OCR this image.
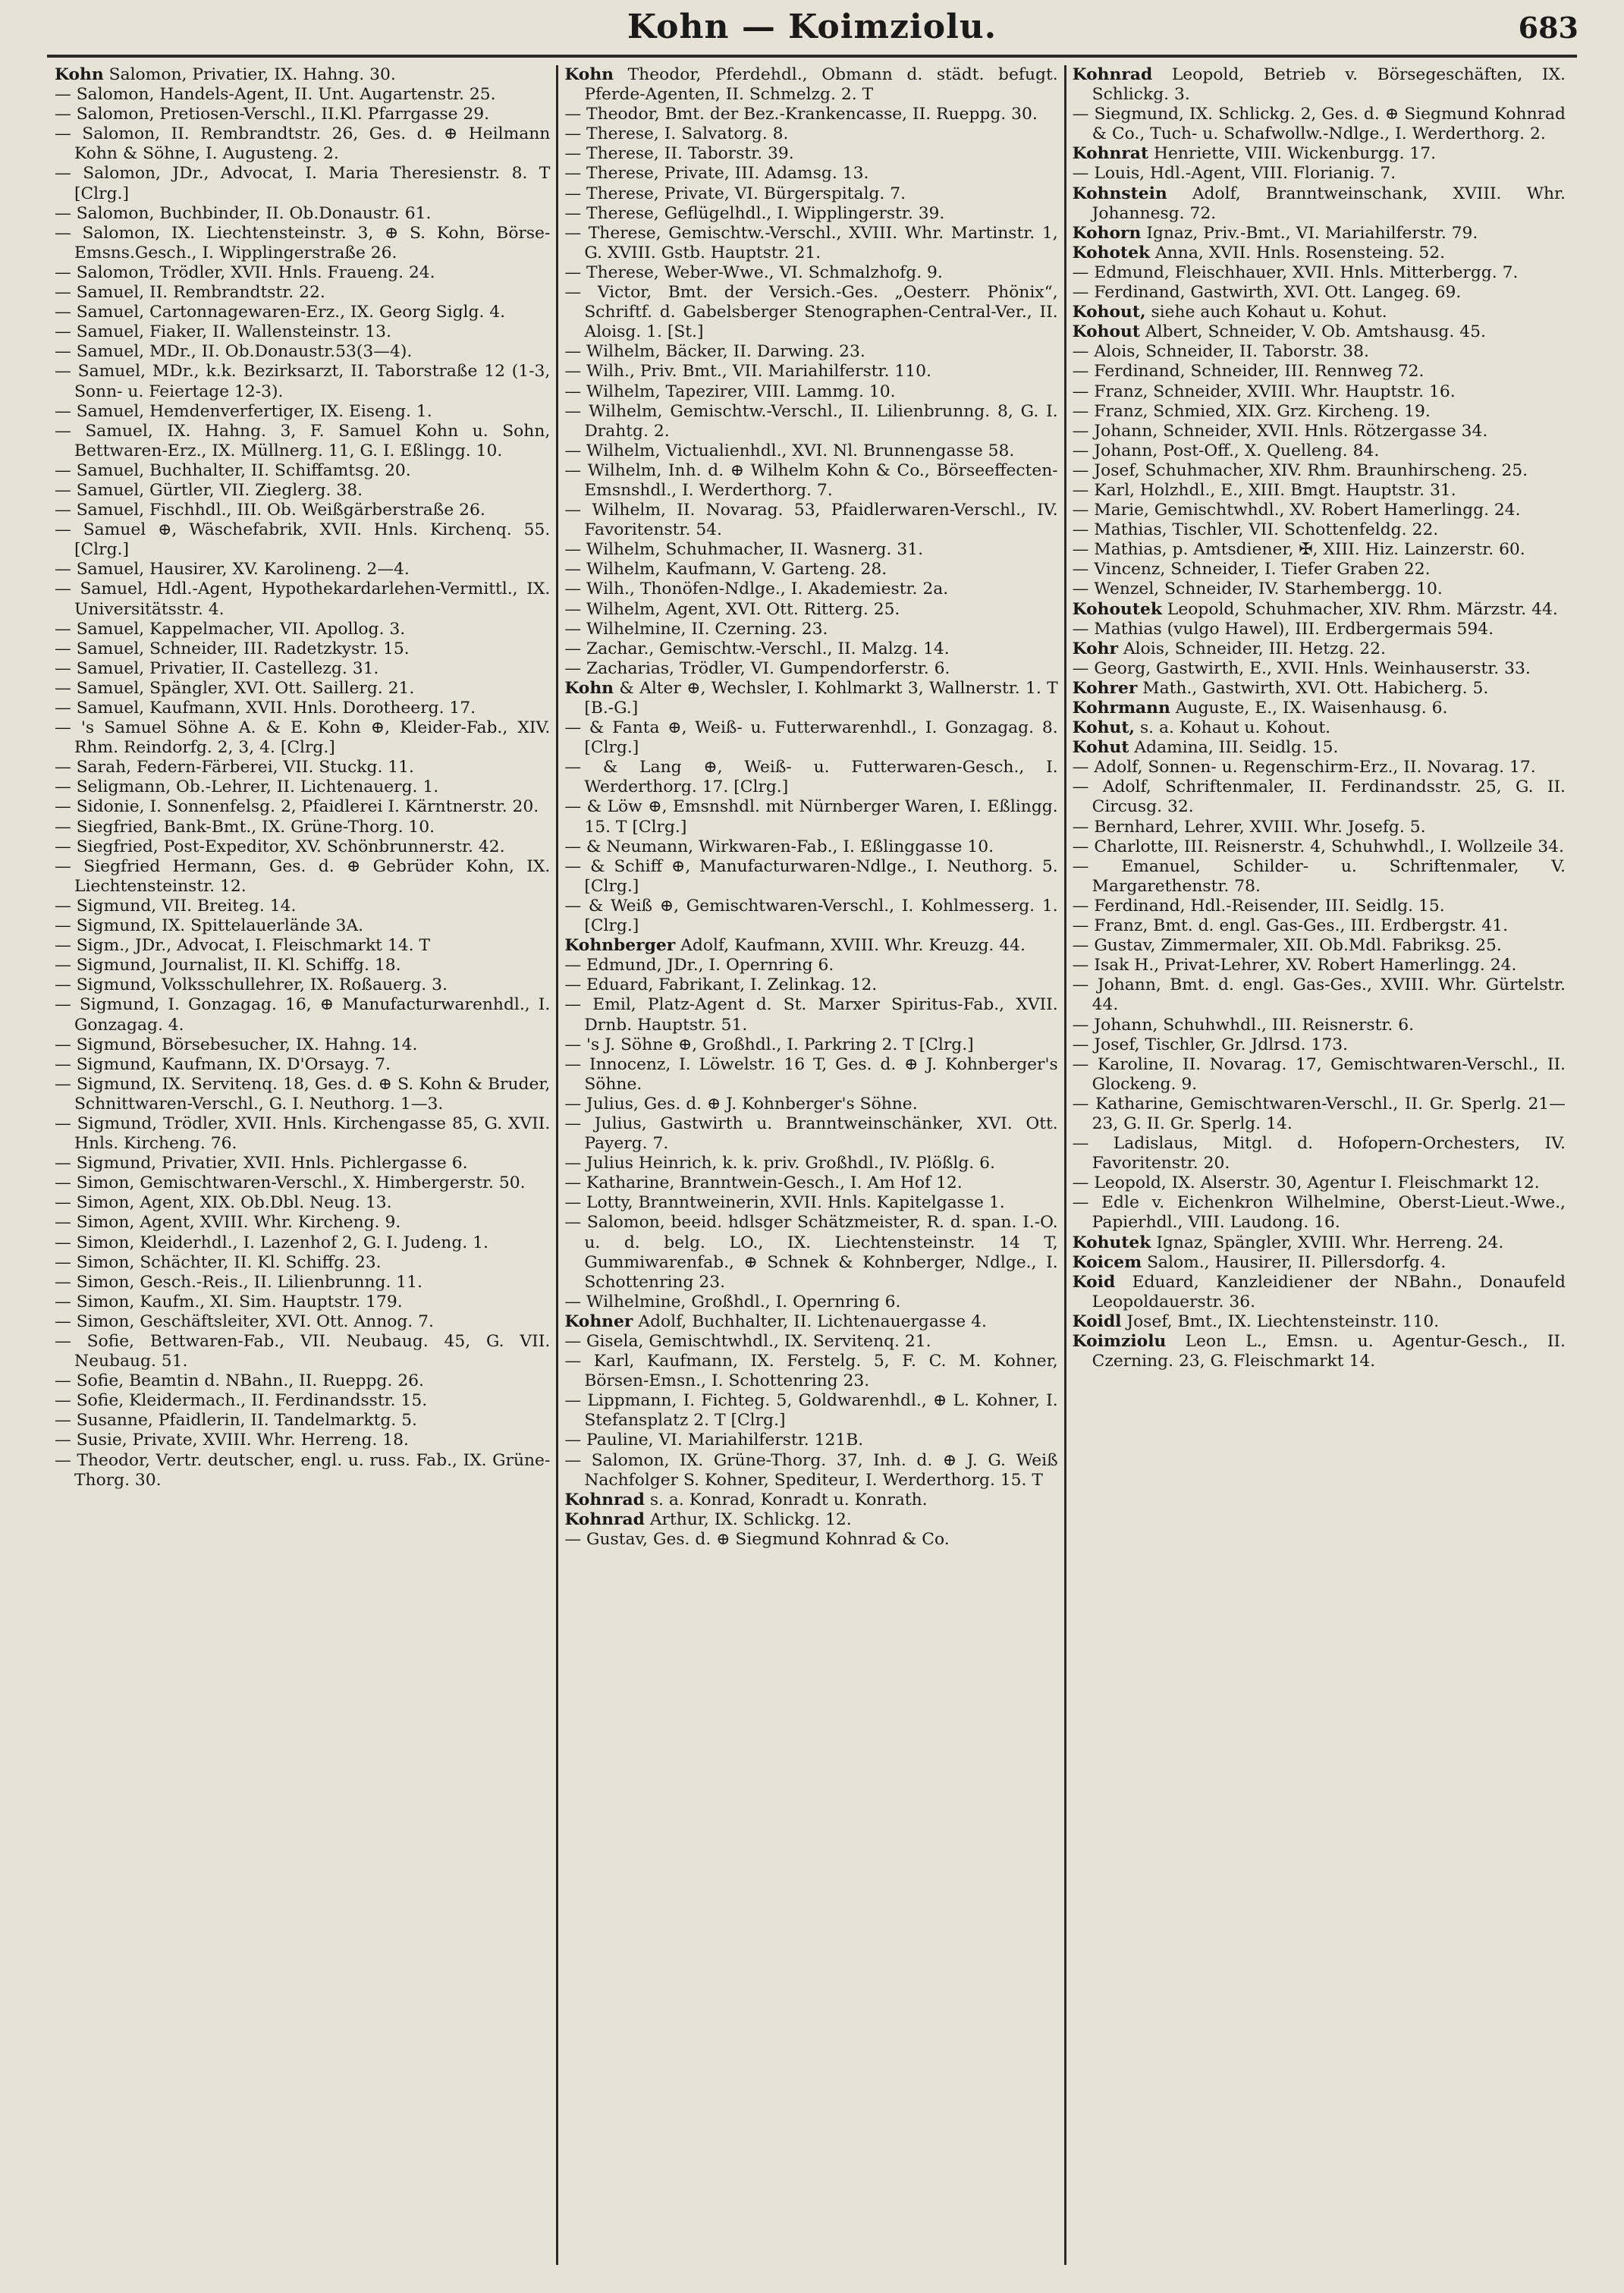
Kohn — Koimziolu.	683
Kohn Salomon, Privatier, IX. Hahng. 30.
— Salomon, Handels-Agent, II. Unt. Augartenstr. 25.
— Salomon, Pretiosen-Verschl., II.Kl. Pfarrgasse 29.
— Salomon, II. Rembrandtstr. 26, Ges. d. ⊕ Heilmann Kohn & Söhne, I. Augusteng. 2.
— Salomon, JDr., Advocat, I. Maria Theresienstr. 8. T [Clrg.]
— Salomon, Buchbinder, II. Ob.Donaustr. 61.
— Salomon, IX. Liechtensteinstr. 3, ⊕ S. Kohn, Börse-Emsns.Gesch., I. Wipplingerstraße 26.
— Salomon, Trödler, XVII. Hnls. Fraueng. 24.
— Samuel, II. Rembrandtstr. 22.
— Samuel, Cartonnagewaren-Erz., IX. Georg Siglg. 4.
— Samuel, Fiaker, II. Wallensteinstr. 13.
— Samuel, MDr., II. Ob.Donaustr.53(3—4).
— Samuel, MDr., k.k. Bezirksarzt, II. Taborstraße 12 (1-3, Sonn- u. Feiertage 12-3).
— Samuel, Hemdenverfertiger, IX. Eiseng. 1.
— Samuel, IX. Hahng. 3, F. Samuel Kohn u. Sohn, Bettwaren-Erz., IX. Müllnerg. 11, G. I. Eßlingg. 10.
— Samuel, Buchhalter, II. Schiffamtsg. 20.
— Samuel, Gürtler, VII. Zieglerg. 38.
— Samuel, Fischhdl., III. Ob. Weißgärberstraße 26.
— Samuel ⊕, Wäschefabrik, XVII. Hnls. Kirchenq. 55. [Clrg.]
— Samuel, Hausirer, XV. Karolineng. 2—4.
— Samuel, Hdl.-Agent, Hypothekardarlehen-Vermittl., IX. Universitätsstr. 4.
— Samuel, Kappelmacher, VII. Apollog. 3.
— Samuel, Schneider, III. Radetzkystr. 15.
— Samuel, Privatier, II. Castellezg. 31.
— Samuel, Spängler, XVI. Ott. Saillerg. 21.
— Samuel, Kaufmann, XVII. Hnls. Dorotheerg. 17.
— 's Samuel Söhne A. & E. Kohn ⊕, Kleider-Fab., XIV. Rhm. Reindorfg. 2, 3, 4. [Clrg.]
— Sarah, Federn-Färberei, VII. Stuckg. 11.
— Seligmann, Ob.-Lehrer, II. Lichtenauerg. 1.
— Sidonie, I. Sonnenfelsg. 2, Pfaidlerei I. Kärntnerstr. 20.
— Siegfried, Bank-Bmt., IX. Grüne-Thorg. 10.
— Siegfried, Post-Expeditor, XV. Schönbrunnerstr. 42.
— Siegfried Hermann, Ges. d. ⊕ Gebrüder Kohn, IX. Liechtensteinstr. 12.
— Sigmund, VII. Breiteg. 14.
— Sigmund, IX. Spittelauerlände 3A.
— Sigm., JDr., Advocat, I. Fleischmarkt 14. T
— Sigmund, Journalist, II. Kl. Schiffg. 18.
— Sigmund, Volksschullehrer, IX. Roßauerg. 3.
— Sigmund, I. Gonzagag. 16, ⊕ Manufacturwarenhdl., I. Gonzagag. 4.
— Sigmund, Börsebesucher, IX. Hahng. 14.
— Sigmund, Kaufmann, IX. D'Orsayg. 7.
— Sigmund, IX. Servitenq. 18, Ges. d. ⊕ S. Kohn & Bruder, Schnittwaren-Verschl., G. I. Neuthorg. 1—3.
— Sigmund, Trödler, XVII. Hnls. Kirchengasse 85, G. XVII. Hnls. Kircheng. 76.
— Sigmund, Privatier, XVII. Hnls. Pichlergasse 6.
— Simon, Gemischtwaren-Verschl., X. Himbergerstr. 50.
— Simon, Agent, XIX. Ob.Dbl. Neug. 13.
— Simon, Agent, XVIII. Whr. Kircheng. 9.
— Simon, Kleiderhdl., I. Lazenhof 2, G. I. Judeng. 1.
— Simon, Schächter, II. Kl. Schiffg. 23.
— Simon, Gesch.-Reis., II. Lilienbrunng. 11.
— Simon, Kaufm., XI. Sim. Hauptstr. 179.
— Simon, Geschäftsleiter, XVI. Ott. Annog. 7.
— Sofie, Bettwaren-Fab., VII. Neubaug. 45, G. VII. Neubaug. 51.
— Sofie, Beamtin d. NBahn., II. Rueppg. 26.
— Sofie, Kleidermach., II. Ferdinandsstr. 15.
— Susanne, Pfaidlerin, II. Tandelmarktg. 5.
— Susie, Private, XVIII. Whr. Herreng. 18.
— Theodor, Vertr. deutscher, engl. u. russ. Fab., IX. Grüne-Thorg. 30.
Kohn Theodor, Pferdehdl., Obmann d. städt. befugt. Pferde-Agenten, II. Schmelzg. 2. T
— Theodor, Bmt. der Bez.-Krankencasse, II. Rueppg. 30.
— Therese, I. Salvatorg. 8.
— Therese, II. Taborstr. 39.
— Therese, Private, III. Adamsg. 13.
— Therese, Private, VI. Bürgerspitalg. 7.
— Therese, Geflügelhdl., I. Wipplingerstr. 39.
— Therese, Gemischtw.-Verschl., XVIII. Whr. Martinstr. 1, G. XVIII. Gstb. Hauptstr. 21.
— Therese, Weber-Wwe., VI. Schmalzhofg. 9.
— Victor, Bmt. der Versich.-Ges. „Oesterr. Phönix“, Schriftf. d. Gabelsberger Stenographen-Central-Ver., II. Aloisg. 1. [St.]
— Wilhelm, Bäcker, II. Darwing. 23.
— Wilh., Priv. Bmt., VII. Mariahilferstr. 110.
— Wilhelm, Tapezirer, VIII. Lammg. 10.
— Wilhelm, Gemischtw.-Verschl., II. Lilienbrunng. 8, G. I. Drahtg. 2.
— Wilhelm, Victualienhdl., XVI. Nl. Brunnengasse 58.
— Wilhelm, Inh. d. ⊕ Wilhelm Kohn & Co., Börseeffecten-Emsnshdl., I. Werderthorg. 7.
— Wilhelm, II. Novarag. 53, Pfaidlerwaren-Verschl., IV. Favoritenstr. 54.
— Wilhelm, Schuhmacher, II. Wasnerg. 31.
— Wilhelm, Kaufmann, V. Garteng. 28.
— Wilh., Thonöfen-Ndlge., I. Akademiestr. 2a.
— Wilhelm, Agent, XVI. Ott. Ritterg. 25.
— Wilhelmine, II. Czerning. 23.
— Zachar., Gemischtw.-Verschl., II. Malzg. 14.
— Zacharias, Trödler, VI. Gumpendorferstr. 6.
Kohn & Alter ⊕, Wechsler, I. Kohlmarkt 3, Wallnerstr. 1. T [B.-G.]
— & Fanta ⊕, Weiß- u. Futterwarenhdl., I. Gonzagag. 8. [Clrg.]
— & Lang ⊕, Weiß- u. Futterwaren-Gesch., I. Werderthorg. 17. [Clrg.]
— & Löw ⊕, Emsnshdl. mit Nürnberger Waren, I. Eßlingg. 15. T [Clrg.]
— & Neumann, Wirkwaren-Fab., I. Eßlinggasse 10.
— & Schiff ⊕, Manufacturwaren-Ndlge., I. Neuthorg. 5. [Clrg.]
— & Weiß ⊕, Gemischtwaren-Verschl., I. Kohlmesserg. 1. [Clrg.]
Kohnberger Adolf, Kaufmann, XVIII. Whr. Kreuzg. 44.
— Edmund, JDr., I. Opernring 6.
— Eduard, Fabrikant, I. Zelinkag. 12.
— Emil, Platz-Agent d. St. Marxer Spiritus-Fab., XVII. Drnb. Hauptstr. 51.
— 's J. Söhne ⊕, Großhdl., I. Parkring 2. T [Clrg.]
— Innocenz, I. Löwelstr. 16 T, Ges. d. ⊕ J. Kohnberger's Söhne.
— Julius, Ges. d. ⊕ J. Kohnberger's Söhne.
— Julius, Gastwirth u. Branntweinschänker, XVI. Ott. Payerg. 7.
— Julius Heinrich, k. k. priv. Großhdl., IV. Plößlg. 6.
— Katharine, Branntwein-Gesch., I. Am Hof 12.
— Lotty, Branntweinerin, XVII. Hnls. Kapitelgasse 1.
— Salomon, beeid. hdlsger Schätzmeister, R. d. span. I.-O. u. d. belg. LO., IX. Liechtensteinstr. 14 T, Gummiwarenfab., ⊕ Schnek & Kohnberger, Ndlge., I. Schottenring 23.
— Wilhelmine, Großhdl., I. Opernring 6.
Kohner Adolf, Buchhalter, II. Lichtenauergasse 4.
— Gisela, Gemischtwhdl., IX. Servitenq. 21.
— Karl, Kaufmann, IX. Ferstelg. 5, F. C. M. Kohner, Börsen-Emsn., I. Schottenring 23.
— Lippmann, I. Fichteg. 5, Goldwarenhdl., ⊕ L. Kohner, I. Stefansplatz 2. T [Clrg.]
— Pauline, VI. Mariahilferstr. 121B.
— Salomon, IX. Grüne-Thorg. 37, Inh. d. ⊕ J. G. Weiß Nachfolger S. Kohner, Spediteur, I. Werderthorg. 15. T
Kohnrad s. a. Konrad, Konradt u. Konrath.
Kohnrad Arthur, IX. Schlickg. 12.
— Gustav, Ges. d. ⊕ Siegmund Kohnrad & Co.
Kohnrad Leopold, Betrieb v. Börsegeschäften, IX. Schlickg. 3.
— Siegmund, IX. Schlickg. 2, Ges. d. ⊕ Siegmund Kohnrad & Co., Tuch- u. Schafwollw.-Ndlge., I. Werderthorg. 2.
Kohnrat Henriette, VIII. Wickenburgg. 17.
— Louis, Hdl.-Agent, VIII. Florianig. 7.
Kohnstein Adolf, Branntweinschank, XVIII. Whr. Johannesg. 72.
Kohorn Ignaz, Priv.-Bmt., VI. Mariahilferstr. 79.
Kohotek Anna, XVII. Hnls. Rosensteing. 52.
— Edmund, Fleischhauer, XVII. Hnls. Mitterbergg. 7.
— Ferdinand, Gastwirth, XVI. Ott. Langeg. 69.
Kohout, siehe auch Kohaut u. Kohut.
Kohout Albert, Schneider, V. Ob. Amtshausg. 45.
— Alois, Schneider, II. Taborstr. 38.
— Ferdinand, Schneider, III. Rennweg 72.
— Franz, Schneider, XVIII. Whr. Hauptstr. 16.
— Franz, Schmied, XIX. Grz. Kircheng. 19.
— Johann, Schneider, XVII. Hnls. Rötzergasse 34.
— Johann, Post-Off., X. Quelleng. 84.
— Josef, Schuhmacher, XIV. Rhm. Braunhirscheng. 25.
— Karl, Holzhdl., E., XIII. Bmgt. Hauptstr. 31.
— Marie, Gemischtwhdl., XV. Robert Hamerlingg. 24.
— Mathias, Tischler, VII. Schottenfeldg. 22.
— Mathias, p. Amtsdiener, ✠, XIII. Hiz. Lainzerstr. 60.
— Vincenz, Schneider, I. Tiefer Graben 22.
— Wenzel, Schneider, IV. Starhembergg. 10.
Kohoutek Leopold, Schuhmacher, XIV. Rhm. Märzstr. 44.
— Mathias (vulgo Hawel), III. Erdbergermais 594.
Kohr Alois, Schneider, III. Hetzg. 22.
— Georg, Gastwirth, E., XVII. Hnls. Weinhauserstr. 33.
Kohrer Math., Gastwirth, XVI. Ott. Habicherg. 5.
Kohrmann Auguste, E., IX. Waisenhausg. 6.
Kohut, s. a. Kohaut u. Kohout.
Kohut Adamina, III. Seidlg. 15.
— Adolf, Sonnen- u. Regenschirm-Erz., II. Novarag. 17.
— Adolf, Schriftenmaler, II. Ferdinandsstr. 25, G. II. Circusg. 32.
— Bernhard, Lehrer, XVIII. Whr. Josefg. 5.
— Charlotte, III. Reisnerstr. 4, Schuhwhdl., I. Wollzeile 34.
— Emanuel, Schilder- u. Schriftenmaler, V. Margarethenstr. 78.
— Ferdinand, Hdl.-Reisender, III. Seidlg. 15.
— Franz, Bmt. d. engl. Gas-Ges., III. Erdbergstr. 41.
— Gustav, Zimmermaler, XII. Ob.Mdl. Fabriksg. 25.
— Isak H., Privat-Lehrer, XV. Robert Hamerlingg. 24.
— Johann, Bmt. d. engl. Gas-Ges., XVIII. Whr. Gürtelstr. 44.
— Johann, Schuhwhdl., III. Reisnerstr. 6.
— Josef, Tischler, Gr. Jdlrsd. 173.
— Karoline, II. Novarag. 17, Gemischtwaren-Verschl., II. Glockeng. 9.
— Katharine, Gemischtwaren-Verschl., II. Gr. Sperlg. 21—23, G. II. Gr. Sperlg. 14.
— Ladislaus, Mitgl. d. Hofopern-Orchesters, IV. Favoritenstr. 20.
— Leopold, IX. Alserstr. 30, Agentur I. Fleischmarkt 12.
— Edle v. Eichenkron Wilhelmine, Oberst-Lieut.-Wwe., Papierhdl., VIII. Laudong. 16.
Kohutek Ignaz, Spängler, XVIII. Whr. Herreng. 24.
Koicem Salom., Hausirer, II. Pillersdorfg. 4.
Koid Eduard, Kanzleidiener der NBahn., Donaufeld Leopoldauerstr. 36.
Koidl Josef, Bmt., IX. Liechtensteinstr. 110.
Koimziolu Leon L., Emsn. u. Agentur-Gesch., II. Czerning. 23, G. Fleischmarkt 14.
